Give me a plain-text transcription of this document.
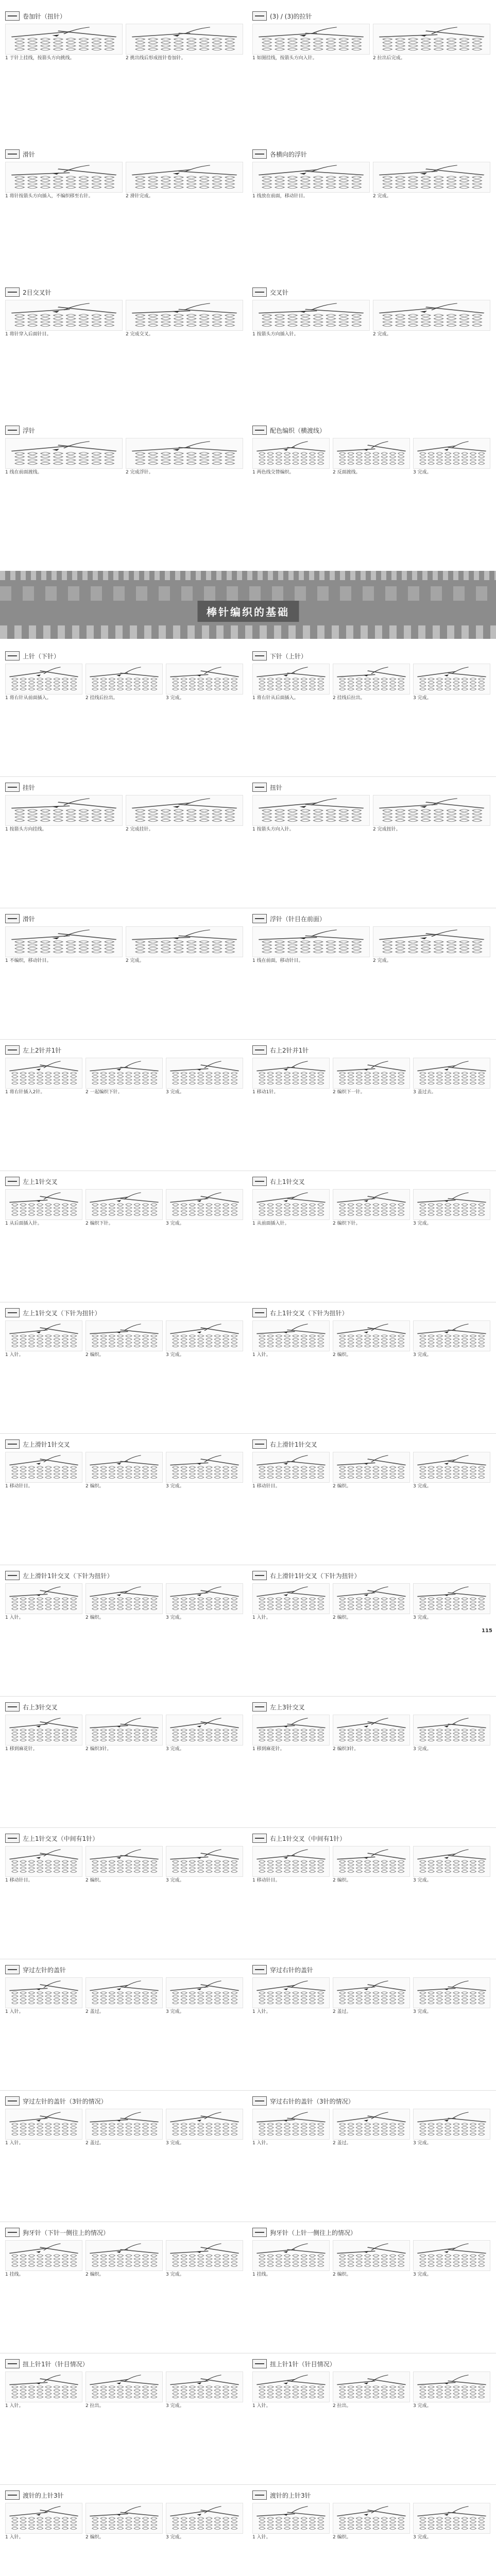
棒针编织的基础
115
卷加针（扭针）
1 于针上挂线，按箭头方向挑线。	2 挑出线后形成扭针卷加针。
(3) / (3)的拉针
1 如图挂线，按箭头方向入针。	2 拉出后完成。
滑针
1 将针按箭头方向插入，不编织移至右针。	2 滑针完成。
各横向的浮针
1 线放在前面，移动针目。	2 完成。
2目交叉针
1 将针穿入后面针目。	2 完成交叉。
交叉针
1 按箭头方向插入针。	2 完成。
浮针
1 线在前面渡线。	2 完成浮针。
配色编织（横渡线）
1 两色线交替编织。	2 反面渡线。	3 完成。
上针（下针）
1 将右针从前面插入。	2 挂线后拉出。	3 完成。
下针（上针）
1 将右针从后面插入。	2 挂线后拉出。	3 完成。
挂针
1 按箭头方向挂线。	2 完成挂针。
扭针
1 按箭头方向入针。	2 完成扭针。
滑针
1 不编织，移动针目。	2 完成。
浮针（针目在前面）
1 线在前面，移动针目。	2 完成。
左上2针并1针
1 将右针插入2针。	2 一起编织下针。	3 完成。
右上2针并1针
1 移动1针。	2 编织下一针。	3 盖过去。
左上1针交叉
1 从后面插入针。	2 编织下针。	3 完成。
右上1针交叉
1 从前面插入针。	2 编织下针。	3 完成。
左上1针交叉（下针为扭针）
1 入针。	2 编织。	3 完成。
右上1针交叉（下针为扭针）
1 入针。	2 编织。	3 完成。
左上滑针1针交叉
1 移动针目。	2 编织。	3 完成。
右上滑针1针交叉
1 移动针目。	2 编织。	3 完成。
左上滑针1针交叉（下针为扭针）
1 入针。	2 编织。	3 完成。
右上滑针1针交叉（下针为扭针）
1 入针。	2 编织。	3 完成。
右上3针交叉
1 移到麻花针。	2 编织3针。	3 完成。
左上3针交叉
1 移到麻花针。	2 编织3针。	3 完成。
左上1针交叉（中间有1针）
1 移动针目。	2 编织。	3 完成。
右上1针交叉（中间有1针）
1 移动针目。	2 编织。	3 完成。
穿过左针的盖针
1 入针。	2 盖过。	3 完成。
穿过右针的盖针
1 入针。	2 盖过。	3 完成。
穿过左针的盖针（3针的情况）
1 入针。	2 盖过。	3 完成。
穿过右针的盖针（3针的情况）
1 入针。	2 盖过。	3 完成。
狗牙针（下针一侧往上的情况）
1 挂线。	2 编织。	3 完成。
狗牙针（上针一侧往上的情况）
1 挂线。	2 编织。	3 完成。
扭上针1针（针目情况）
1 入针。	2 拉出。	3 完成。
扭上针1针（针目情况）
1 入针。	2 拉出。	3 完成。
渡针的上针3针
1 入针。	2 编织。	3 完成。
渡针的上针3针
1 入针。	2 编织。	3 完成。
